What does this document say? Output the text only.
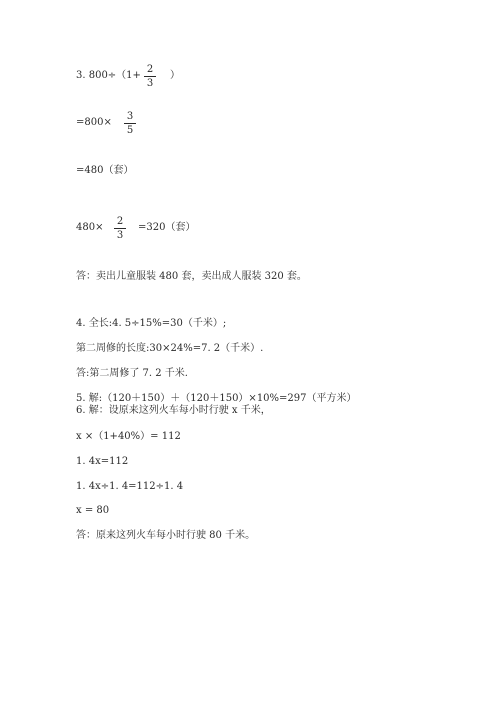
3. 800÷（1+
2
3
）
=800×
3
5
=480（套）
480×
2
3
=320（套）
答：卖出儿童服装 480 套，卖出成人服装 320 套。
4. 全长:4. 5÷15%=30（千米）;
第二周修的长度:30×24%=7. 2（千米）.
答:第二周修了 7. 2 千米.
5. 解:（120＋150）＋（120＋150）×10%=297（平方米）
6. 解：设原来这列火车每小时行驶 x 千米，
x ×（1+40%）= 112
1. 4x=112
1. 4x÷1. 4=112÷1. 4
x = 80
答：原来这列火车每小时行驶 80 千米。
